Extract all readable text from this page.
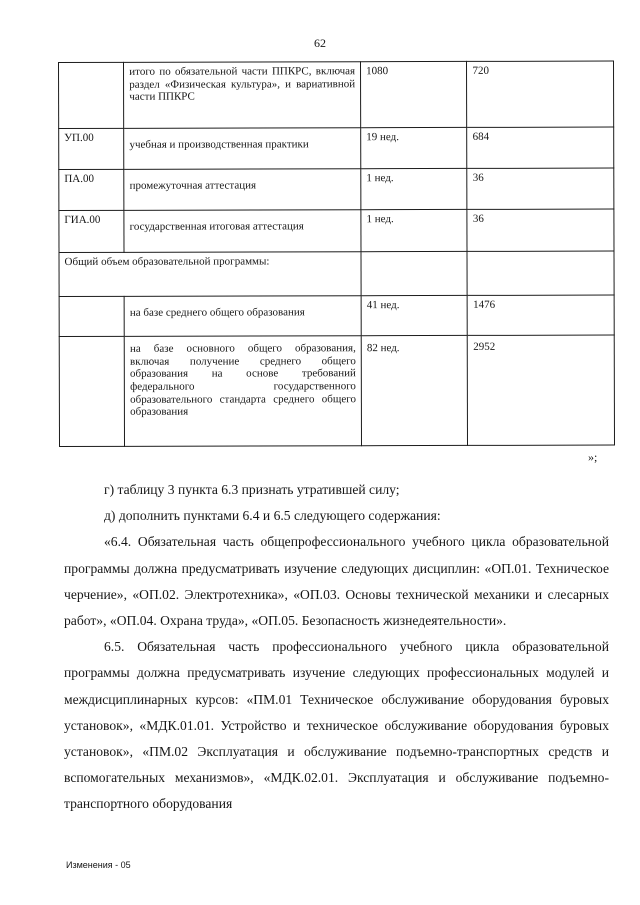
62
	итого по обязательной части ППКРС, включая раздел «Физическая культура», и вариативной части ППКРС	1080	720
УП.00	учебная и производственная практики	19 нед.	684
ПА.00	промежуточная аттестация	1 нед.	36
ГИА.00	государственная итоговая аттестация	1 нед.	36
Общий объем образовательной программы:			
	на базе среднего общего образования	41 нед.	1476
	на базе основного общего образования, включая получение среднего общего образования на основе требований федерального государственного образовательного стандарта среднего общего образования	82 нед.	2952
»;

г) таблицу 3 пункта 6.3 признать утратившей силу;

д) дополнить пунктами 6.4 и 6.5 следующего содержания:

«6.4. Обязательная часть общепрофессионального учебного цикла образовательной программы должна предусматривать изучение следующих дисциплин: «ОП.01. Техническое черчение», «ОП.02. Электротехника», «ОП.03. Основы технической механики и слесарных работ», «ОП.04. Охрана труда», «ОП.05. Безопасность жизнедеятельности».

6.5. Обязательная часть профессионального учебного цикла образовательной программы должна предусматривать изучение следующих профессиональных модулей и междисциплинарных курсов: «ПМ.01 Техническое обслуживание оборудования буровых установок», «МДК.01.01. Устройство и техническое обслуживание оборудования буровых установок», «ПМ.02 Эксплуатация и обслуживание подъемно-транспортных средств и вспомогательных механизмов», «МДК.02.01. Эксплуатация и обслуживание подъемно-транспортного оборудования

Изменения - 05
